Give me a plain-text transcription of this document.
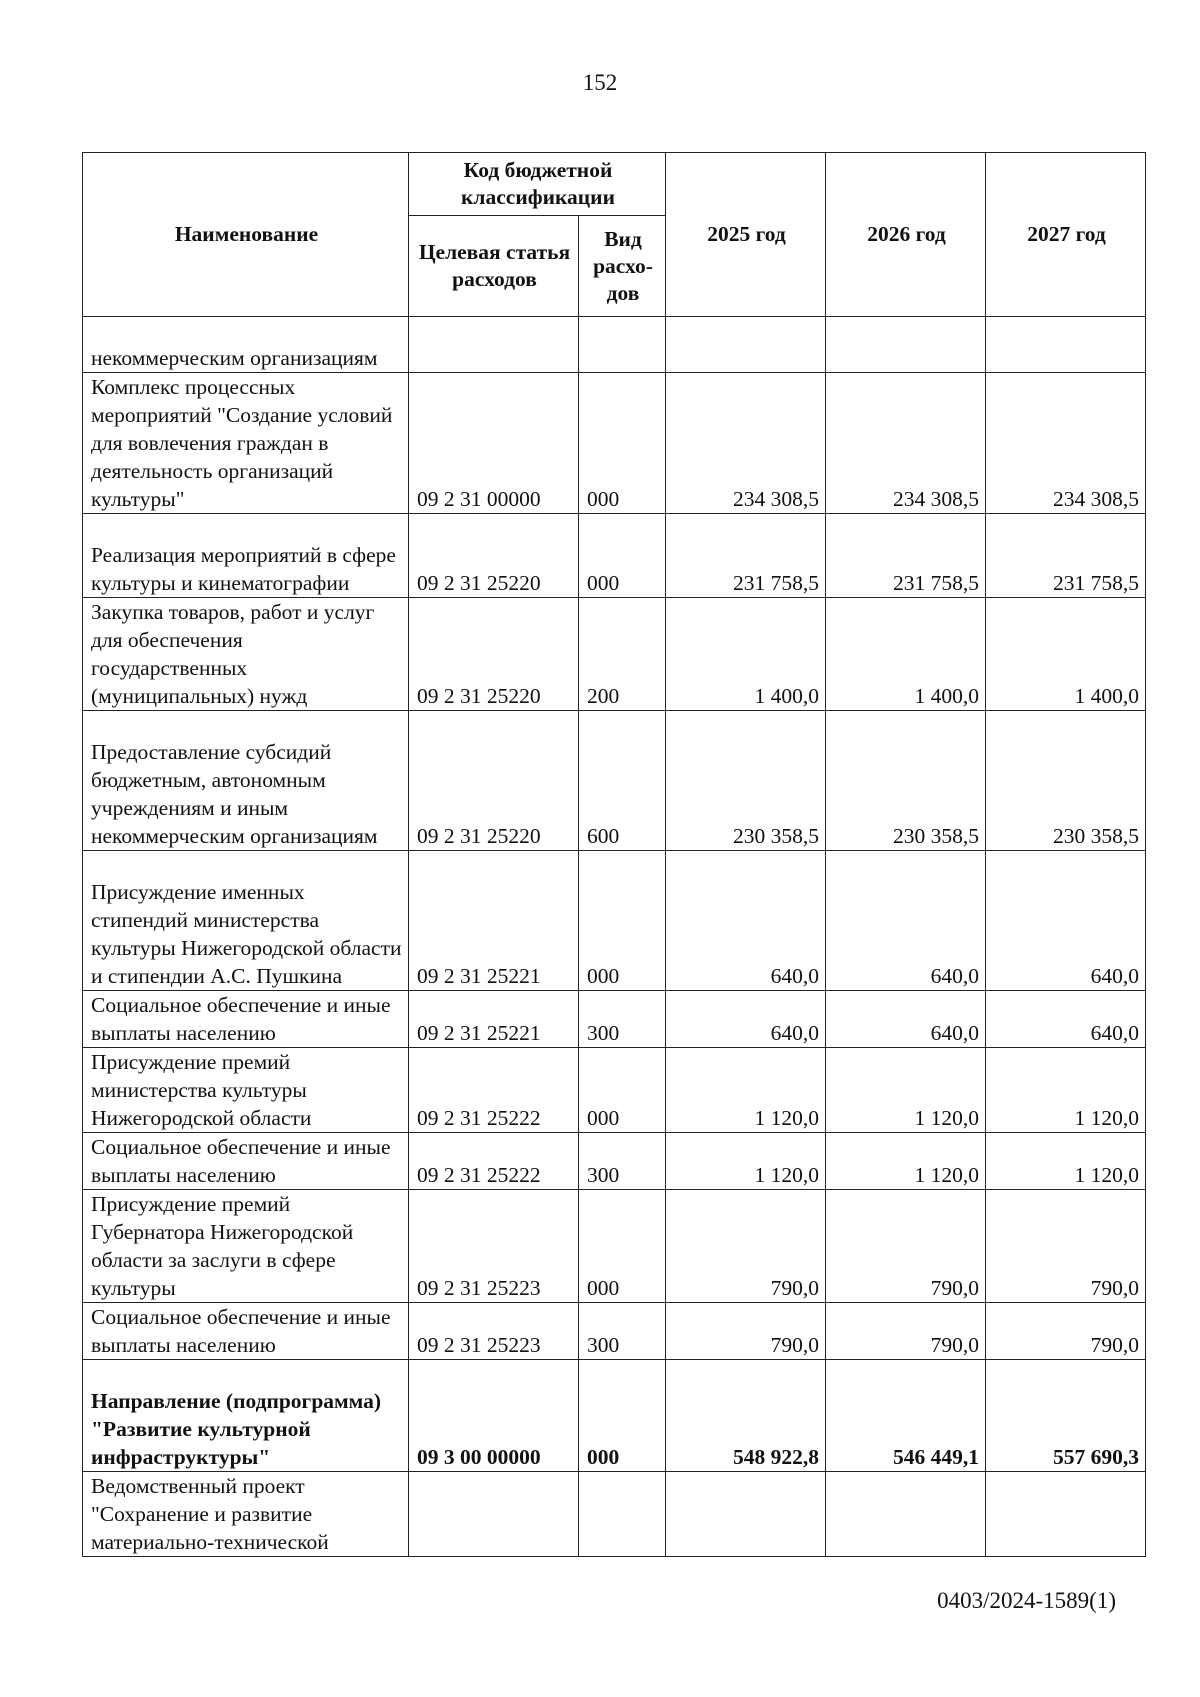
152
Наименование	Код бюджетной классификации		2025 год	2026 год	2027 год
	Целевая статья расходов	Вид расхо-дов			
некоммерческим организациям					
Комплекс процессных мероприятий "Создание условий для вовлечения граждан в деятельность организаций культуры"	09 2 31 00000	000	234 308,5	234 308,5	234 308,5
Реализация мероприятий в сфере культуры и кинематографии	09 2 31 25220	000	231 758,5	231 758,5	231 758,5
Закупка товаров, работ и услуг для обеспечения государственных (муниципальных) нужд	09 2 31 25220	200	1 400,0	1 400,0	1 400,0
Предоставление субсидий бюджетным, автономным учреждениям и иным некоммерческим организациям	09 2 31 25220	600	230 358,5	230 358,5	230 358,5
Присуждение именных стипендий министерства культуры Нижегородской области и стипендии А.С. Пушкина	09 2 31 25221	000	640,0	640,0	640,0
Социальное обеспечение и иные выплаты населению	09 2 31 25221	300	640,0	640,0	640,0
Присуждение премий министерства культуры Нижегородской области	09 2 31 25222	000	1 120,0	1 120,0	1 120,0
Социальное обеспечение и иные выплаты населению	09 2 31 25222	300	1 120,0	1 120,0	1 120,0
Присуждение премий Губернатора Нижегородской области за заслуги в сфере культуры	09 2 31 25223	000	790,0	790,0	790,0
Социальное обеспечение и иные выплаты населению	09 2 31 25223	300	790,0	790,0	790,0
Направление (подпрограмма) "Развитие культурной инфраструктуры"	09 3 00 00000	000	548 922,8	546 449,1	557 690,3
Ведомственный проект "Сохранение и развитие материально-технической					
0403/2024-1589(1)
